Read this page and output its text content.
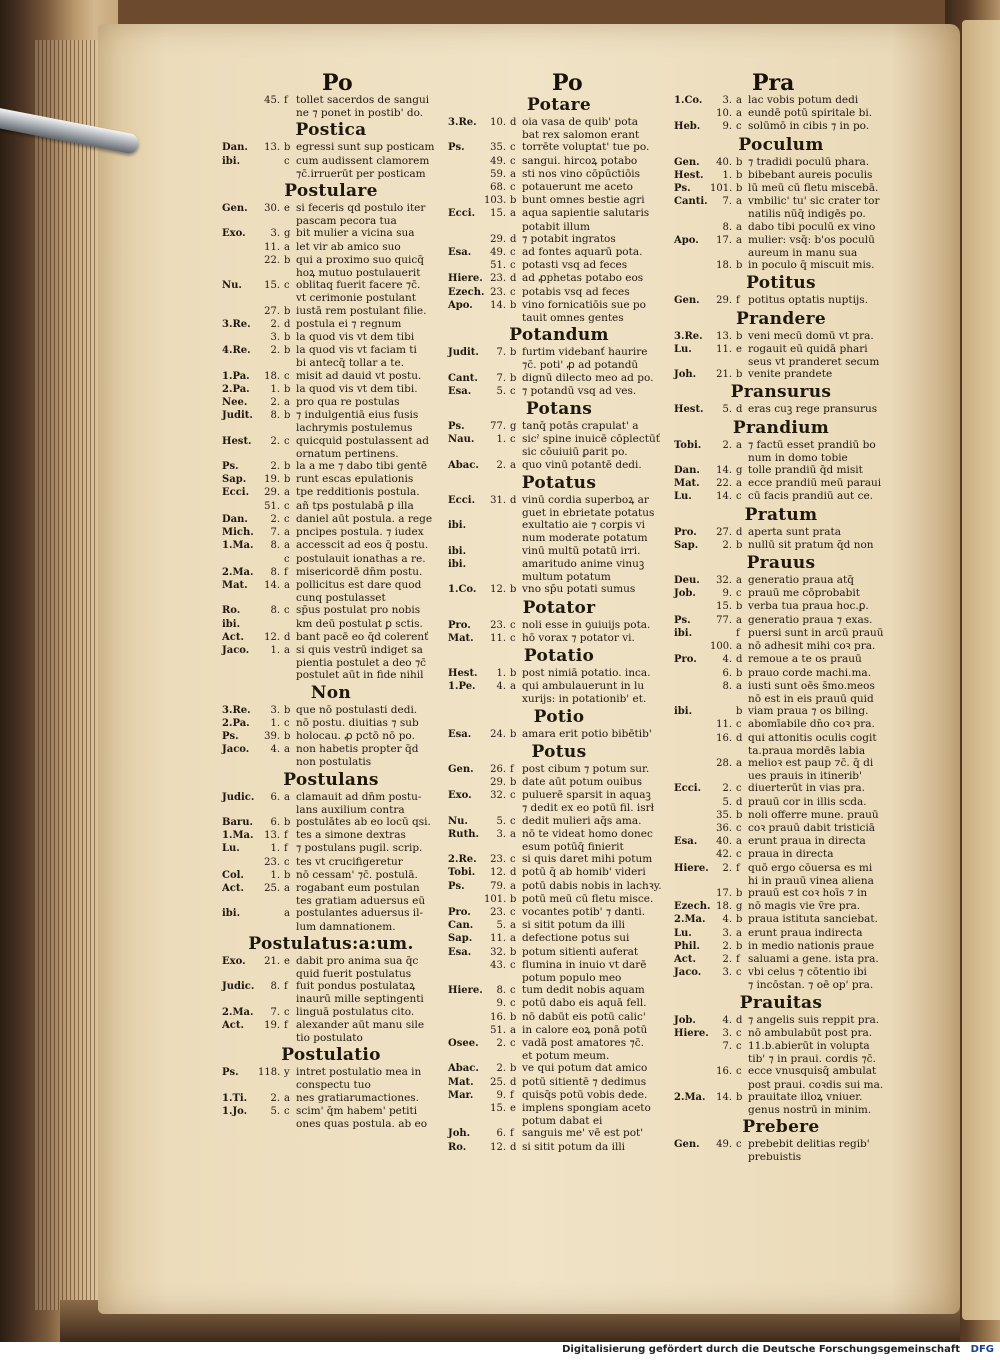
Po	Po	Pra
45. f tollet sacerdos de sangui
ne ⁊ ponet in postib' do.
Postica
Dan.	13. b egressi sunt sup posticam
ibi.	c cum audissent clamorem
⁊c̄.irruerūt per posticam
Postulare
Gen.	30. e si feceris qd postulo iter
pascam pecora tua
Exo.	3. g bit mulier a vicina sua
11. a let vir ab amico suo
22. b qui a proximo suo quicq̄
hoꝝ mutuo postulauerit
Nu.	15. c oblitaq fuerit facere ⁊c̄.
vt cerimonie postulant
27. b iustā rem postulant filie.
3.Re.	2. d postula ei ⁊ regnum
3. b la quod vis vt dem tibi
4.Re.	2. b la quod vis vt faciam ti
bi antecq̄ tollar a te.
1.Pa.	18. c misit ad dauid vt postu.
2.Pa.	1. b la quod vis vt dem tibi.
Nee.	2. a pro qua re postulas
Judit.	8. b ⁊ indulgentiā eius fusis
lachrymis postulemus
Hest.	2. c quicquid postulassent ad
ornatum pertinens.
Ps.	2. b la a me ⁊ dabo tibi gentē
Sap.	19. b runt escas epulationis
Ecci.	29. a tpe redditionis postula.
51. c añ tps postulabā ꝑ illa
Dan.	2. c daniel aūt postula. a rege
Mich.	7. a pncipes postula. ⁊ iudex
1.Ma.	8. a accesscit ad eos q̄ postu.
c postulauit ionathas a re.
2.Ma.	8. f misericordē dn̄m postu.
Mat.	14. a pollicitus est dare quod
cunq postulasset
Ro.	8. c sp̄us postulat pro nobis
ibi.	km deū postulat ꝑ sctis.
Act.	12. d bant pacē eo q̄d colerenť
Jaco.	1. a si quis vestrū indiget sa
pientia postulet a deo ⁊c̄
postulet aūt in fide nihil
Non
3.Re.	3. b que nō postulasti dedi.
2.Pa.	1. c nō postu. diuitias ⁊ sub
Ps.	39. b holocau. ꝓ pctō nō po.
Jaco.	4. a non habetis propter q̄d
non postulatis
Postulans
Judic.	6. a clamauit ad dn̄m postu-
lans auxilium contra
Baru.	6. b postulātes ab eo locū qsi.
1.Ma.	13. f tes a simone dextras
Lu.	1. f ⁊ postulans pugil. scrip.
23. c tes vt crucifigeretur
Col.	1. b nō cessam' ⁊c̄. postulā.
Act.	25. a rogabant eum postulan
tes gratiam aduersus eū
ibi.	a postulantes aduersus il-
lum damnationem.
Postulatus:a:um.
Exo.	21. e dabit pro anima sua q̄c
quid fuerit postulatus
Judic.	8. f fuit pondus postulataꝝ
inaurū mille septingenti
2.Ma.	7. c linguā postulatus cito.
Act.	19. f alexander aūt manu sile
tio postulato
Postulatio
Ps.	118. y intret postulatio mea in
conspectu tuo
1.Ti.	2. a nes gratiarumactiones.
1.Jo.	5. c scim' q̄m habem' petiti
ones quas postula. ab eo
Potare
3.Re.	10. d oia vasa de quib' pota
bat rex salomon erant
Ps.	35. c torrēte voluptat' tue po.
49. c sangui. hircoꝝ potabo
59. a sti nos vino cōpūctiōis
68. c potauerunt me aceto
103. b bunt omnes bestie agri
Ecci.	15. a aqua sapientie salutaris
potabit illum
29. d ⁊ potabit ingratos
Esa.	49. c ad fontes aquarū pota.
51. c potasti vsq ad feces
Hiere. 23. d ad ꝓphetas potabo eos
Ezech. 23. c potabis vsq ad feces
Apo.	14. b vino fornicatiōis sue po
tauit omnes gentes
Potandum
Judit.	7. b furtim videbanť haurire
⁊c̄. poti' ꝓ ad potandū
Cant.	7. b dignū dilecto meo ad po.
Esa.	5. c ⁊ potandū vsq ad ves.
Potans
Ps.	77. g tanq̄ potās crapulat' a
Nau.	1. c sicˀ spine inuicē cōplectūť
sic cōuiuiū ꝑarit po.
Abac.	2. a quo vinū potantē dedi.
Potatus
Ecci.	31. d vinū cordia superboꝝ ar
guet in ebrietate potatus
ibi.	exultatio aie ⁊ corꝑis vi
num moderate potatum
ibi.	vinū multū potatū irri.
ibi.	amaritudo anime vinuꝫ
multum potatum
1.Co.	12. b vno sp̄u potati sumus
Potator
Pro.	23. c noli esse in ꝯuiuijs pota.
Mat.	11. c hō vorax ⁊ potator vi.
Potatio
Hest.	1. b post nimiā potatio. inca.
1.Pe.	4. a qui ambulauerunt in lu
xurijs: in potationib' et.
Potio
Esa.	24. b amara erit potio bibētib'
Potus
Gen.	26. f post cibum ⁊ potum sur.
29. b date aūt potum ouibus
Exo.	32. c puluerē sparsit in aquaꝫ
⁊ dedit ex eo potū fil. isrł
Nu.	5. c dedit mulieri aq̄s ama.
Ruth.	3. a nō te videat homo donec
esum potūq̄ finierit
2.Re.	23. c si quis daret mihi potum
Tobi.	12. d potū q̄ ab homib' videri
Ps.	79. a potū dabis nobis in lachꝛy.
101. b potū meū cū fletu misce.
Pro.	23. c vocantes potib' ⁊ danti.
Can.	5. a si sitit potum da illi
Sap.	11. a defectione potus sui
Esa.	32. b potum sitienti auferat
43. c flumina in inuio vt darē
potum populo meo
Hiere.	8. c tum dedit nobis aquam
9. c potū dabo eis aquā fell.
16. b nō dabūt eis potū calic'
51. a in calore eoꝝ ponā potū
Osee.	2. c vadā post amatores ⁊c̄.
et potum meum.
Abac.	2. b ve qui potum dat amico
Mat.	25. d potū sitientē ⁊ dedimus
Mar.	9. f quisq̄s potū vobis dede.
15. e implens spongiam aceto
potum dabat ei
Joh.	6. f sanguis me' vē est pot'
Ro.	12. d si sitit potum da illi
1.Co.	3. a lac vobis potum dedi
10. a eundē potū spiritale bi.
Heb.	9. c solūmō in cibis ⁊ in po.
Poculum
Gen.	40. b ⁊ tradidi poculū phara.
Hest.	1. b bibebant aureis poculis
Ps.	101. b lū meū cū fletu miscebā.
Canti.	7. a vmbilic' tu' sic crater tor
natilis nūq̄ indigēs po.
8. a dabo tibi poculū ex vino
Apo.	17. a mulier: vsq̄: b'os poculū
aureum in manu sua
18. b in poculo q̄ miscuit mis.
Potitus
Gen.	29. f potitus optatis nuptijs.
Prandere
3.Re.	13. b veni mecū domū vt pra.
Lu.	11. e rogauit eū quidā phari
seus vt pranderet secum
Joh.	21. b venite prandete
Pransurus
Hest.	5. d eras cuꝫ rege pransurus
Prandium
Tobi.	2. a ⁊ factū esset prandiū bo
num in domo tobie
Dan.	14. g tolle prandiū q̄d misit
Mat.	22. a ecce prandiū meū paraui
Lu.	14. c cū facis prandiū aut ce.
Pratum
Pro.	27. d aperta sunt prata
Sap.	2. b nullū sit pratum q̄d non
Prauus
Deu.	32. a generatio praua atq̄
Job.	9. c prauū me cōprobabit
15. b verba tua praua hoc.ꝑ.
Ps.	77. a generatio praua ⁊ exas.
ibi.	f puersi sunt in arcū prauū
100. a nō adhesit mihi coꝛ pra.
Pro.	4. d remoue a te os prauū
6. b prauo corde machi.ma.
8. a iusti sunt oēs s̄mo.meos
nō est in eis prauū quid
ibi.	b viam praua ⁊ os biling.
11. c abomīabile dn̄o coꝛ pra.
16. d qui attonitis oculis cogit
ta.praua mordēs labia
28. a melioꝛ est paup ⁊c̄. q̄ di
ues prauis in itinerib'
Ecci.	2. c diuerterūt in vias pra.
5. d prauū cor in illis scd̄a.
35. b noli offerre mune. prauū
36. c coꝛ prauū dabit tristiciā
Esa.	40. a erunt praua in directa
42. c praua in directa
Hiere.	2. f quō ergo cōuersa es mi
hi in prauū vinea aliena
17. b prauū est coꝛ hoīs ⁊ in
Ezech. 18. g nō magis vie v̄re pra.
2.Ma.	4. b praua istituta sanciebat.
Lu.	3. a erunt praua indirecta
Phil.	2. b in medio nationis praue
Act.	2. f saluami a gene. ista pra.
Jaco.	3. c vbi celus ⁊ cōtentio ibi
⁊ incōstan. ⁊ oē op' pra.
Prauitas
Job.	4. d ⁊ angelis suis reppit pra.
Hiere.	3. c nō ambulabūt post pra.
7. c 11.b.abierūt in volupta
tib' ⁊ in praui. cordis ⁊c̄.
16. c ecce vnusquisq̄ ambulat
post praui. coꝛdis sui ma.
2.Ma.	14. b prauitate illoꝝ vniuer.
genus nostrū in minim.
Prebere
Gen.	49. c prebebit delitias regib'
prebuistis
Digitalisierung gefördert durch die Deutsche Forschungsgemeinschaft DFG
